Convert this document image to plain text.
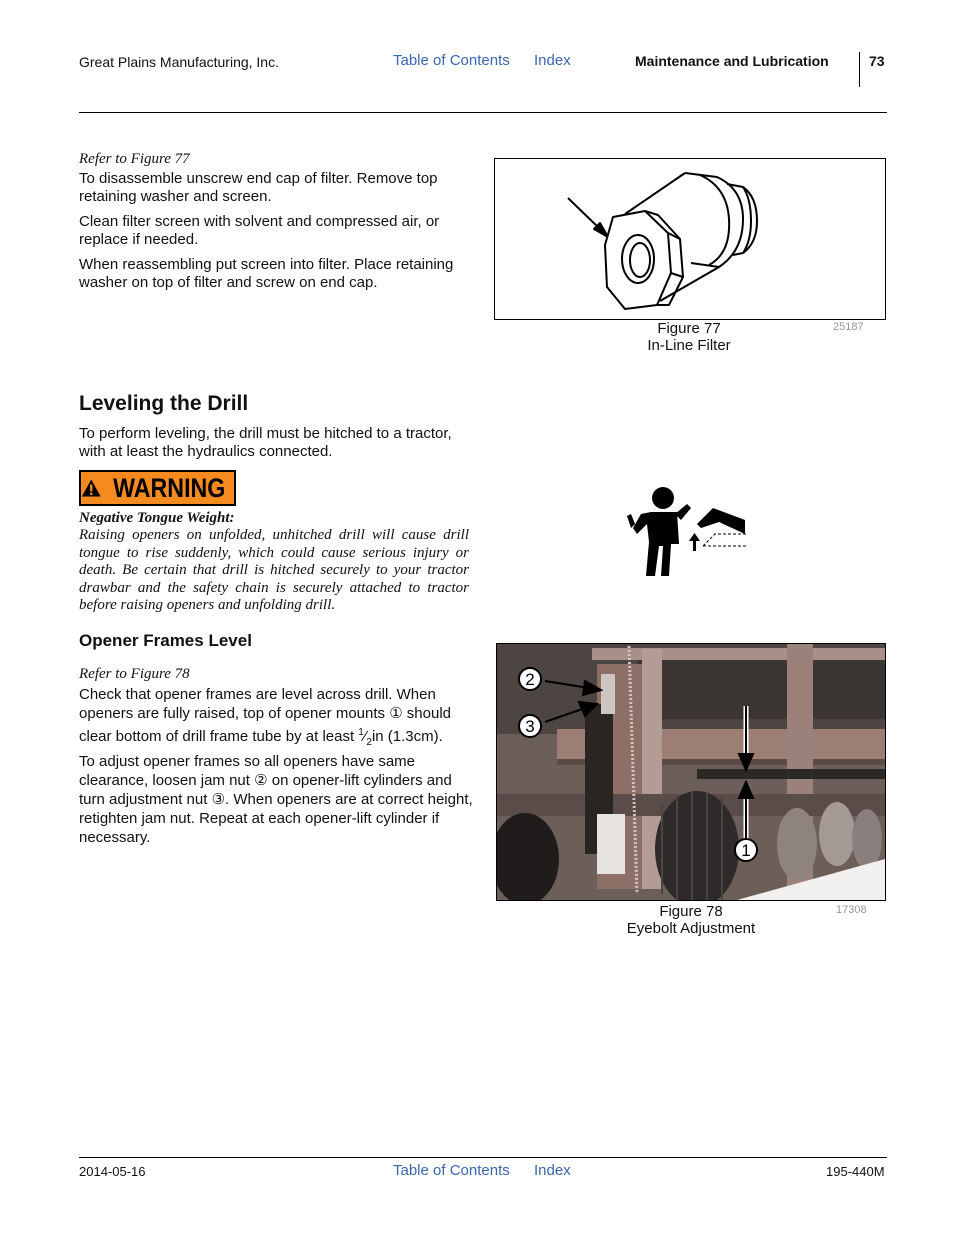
Great Plains Manufacturing, Inc.	Table of Contents Index	Maintenance and Lubrication	73
Refer to Figure 77
To disassemble unscrew end cap of filter. Remove top retaining washer and screen.
Clean filter screen with solvent and compressed air, or replace if needed.
When reassembling put screen into filter. Place retaining washer on top of filter and screw on end cap.
Figure 77
In-Line Filter
25187
Leveling the Drill
To perform leveling, the drill must be hitched to a tractor, with at least the hydraulics connected.
WARNING
Negative Tongue Weight:
Raising openers on unfolded, unhitched drill will cause drill tongue to rise suddenly, which could cause serious injury or death. Be certain that drill is hitched securely to your tractor drawbar and the safety chain is securely attached to tractor before raising openers and unfolding drill.
Opener Frames Level
Refer to Figure 78
Check that opener frames are level across drill. When openers are fully raised, top of opener mounts ① should clear bottom of drill frame tube by at least $^1⁄_2in$ (1.3cm).
To adjust opener frames so all openers have same clearance, loosen jam nut ② on opener-lift cylinders and turn adjustment nut ③. When openers are at correct height, retighten jam nut. Repeat at each opener-lift cylinder if necessary.
2
3
1
Figure 78
Eyebolt Adjustment
17308
2014-05-16	Table of Contents Index	195-440M
